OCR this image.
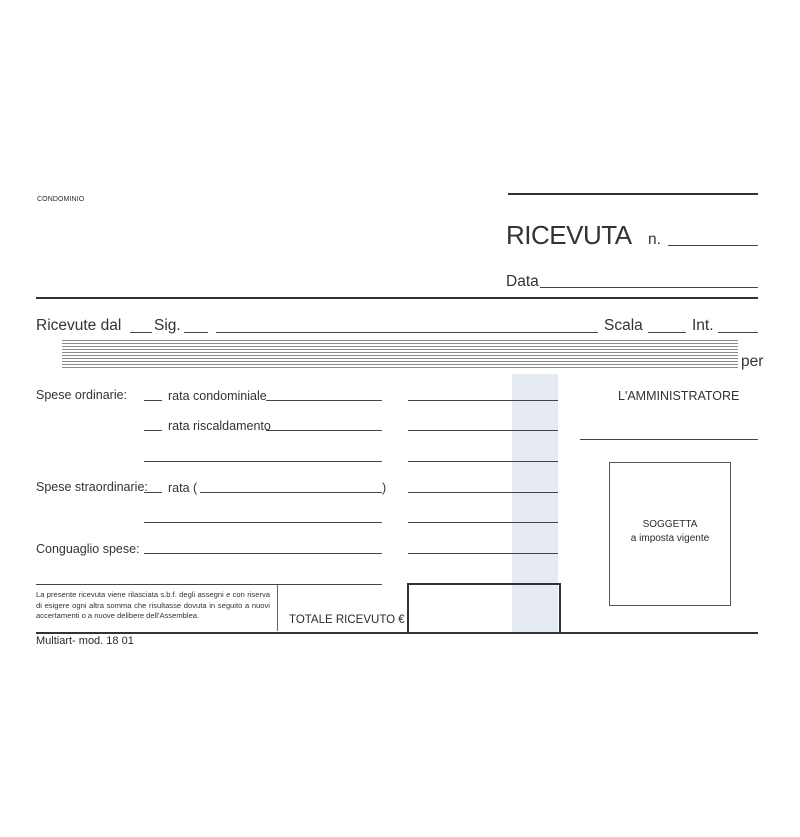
CONDOMINIO
RICEVUTA n.
Data
Ricevute dal Sig.	Scala	Int.
per
Spese ordinarie:	rata condominiale
rata riscaldamento
Spese straordinarie: rata (	)
Conguaglio spese:
L'AMMINISTRATORE
SOGGETTA
a imposta vigente
La presente ricevuta viene rilasciata s.b.f. degli assegni e con riserva di esigere ogni altra somma che risultasse dovuta in seguito a nuovi accertamenti o a nuove delibere dell'Assemblea.	TOTALE RICEVUTO €
Multiart- mod. 18 01
